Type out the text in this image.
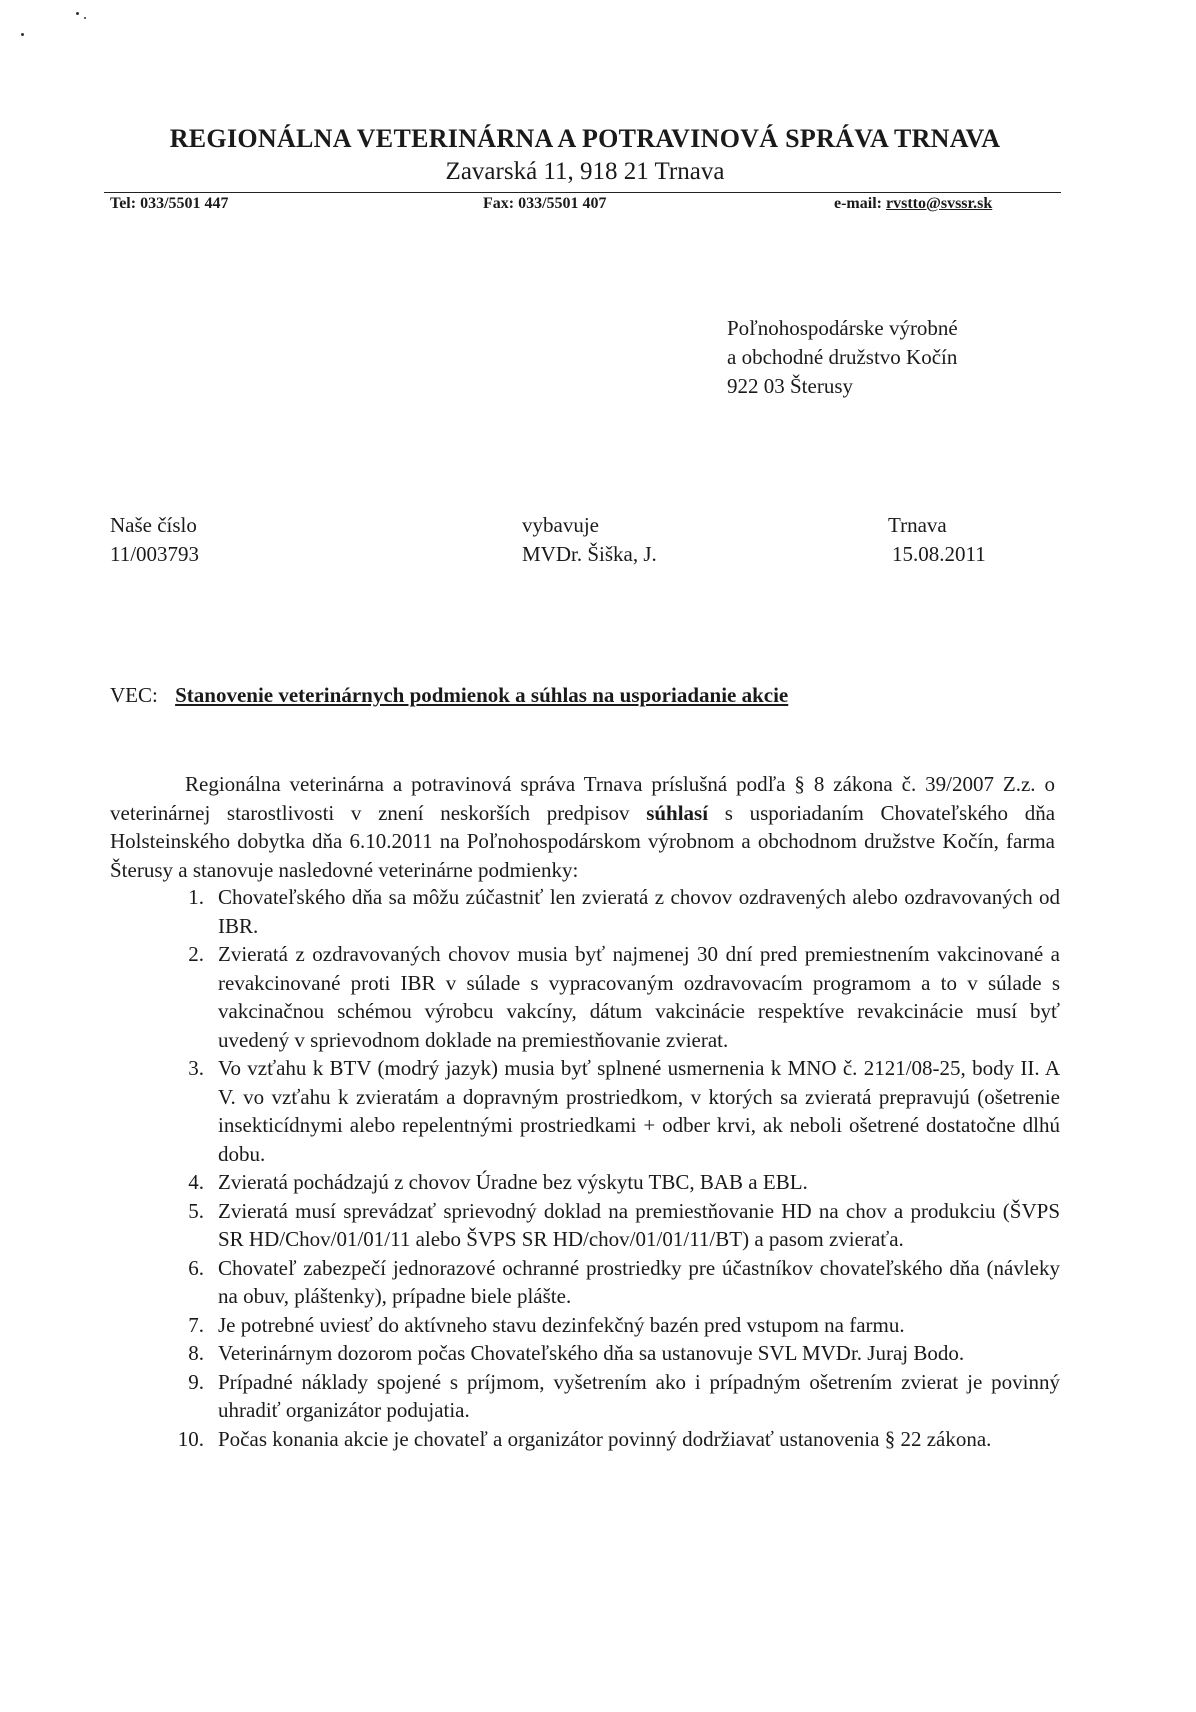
REGIONÁLNA VETERINÁRNA A POTRAVINOVÁ SPRÁVA TRNAVA
Zavarská 11, 918 21 Trnava
Tel: 033/5501 447	Fax: 033/5501 407	e-mail: rvstto@svssr.sk
Poľnohospodárske výrobné
a obchodné družstvo Kočín
922 03 Šterusy
Naše číslo
11/003793
vybavuje
MVDr. Šiška, J.
Trnava
15.08.2011
VEC: Stanovenie veterinárnych podmienok a súhlas na usporiadanie akcie
Regionálna veterinárna a potravinová správa Trnava príslušná podľa § 8 zákona č. 39/2007 Z.z. o veterinárnej starostlivosti v znení neskorších predpisov súhlasí s usporiadaním Chovateľského dňa Holsteinského dobytka dňa 6.10.2011 na Poľnohospodárskom výrobnom a obchodnom družstve Kočín, farma Šterusy a stanovuje nasledovné veterinárne podmienky:
1. Chovateľského dňa sa môžu zúčastniť len zvieratá z chovov ozdravených alebo ozdravovaných od IBR.
2. Zvieratá z ozdravovaných chovov musia byť najmenej 30 dní pred premiestnením vakcinované a revakcinované proti IBR v súlade s vypracovaným ozdravovacím programom a to v súlade s vakcinačnou schémou výrobcu vakcíny, dátum vakcinácie respektíve revakcinácie musí byť uvedený v sprievodnom doklade na premiestňovanie zvierat.
3. Vo vzťahu k BTV (modrý jazyk) musia byť splnené usmernenia k MNO č. 2121/08-25, body II. A V. vo vzťahu k zvieratám a dopravným prostriedkom, v ktorých sa zvieratá prepravujú (ošetrenie insekticídnymi alebo repelentnými prostriedkami + odber krvi, ak neboli ošetrené dostatočne dlhú dobu.
4. Zvieratá pochádzajú z chovov Úradne bez výskytu TBC, BAB a EBL.
5. Zvieratá musí sprevádzať sprievodný doklad na premiestňovanie HD na chov a produkciu (ŠVPS SR HD/Chov/01/01/11 alebo ŠVPS SR HD/chov/01/01/11/BT) a pasom zvieraťa.
6. Chovateľ zabezpečí jednorazové ochranné prostriedky pre účastníkov chovateľského dňa (návleky na obuv, pláštenky), prípadne biele plášte.
7. Je potrebné uviesť do aktívneho stavu dezinfekčný bazén pred vstupom na farmu.
8. Veterinárnym dozorom počas Chovateľského dňa sa ustanovuje SVL MVDr. Juraj Bodo.
9. Prípadné náklady spojené s príjmom, vyšetrením ako i prípadným ošetrením zvierat je povinný uhradiť organizátor podujatia.
10. Počas konania akcie je chovateľ a organizátor povinný dodržiavať ustanovenia § 22 zákona.
